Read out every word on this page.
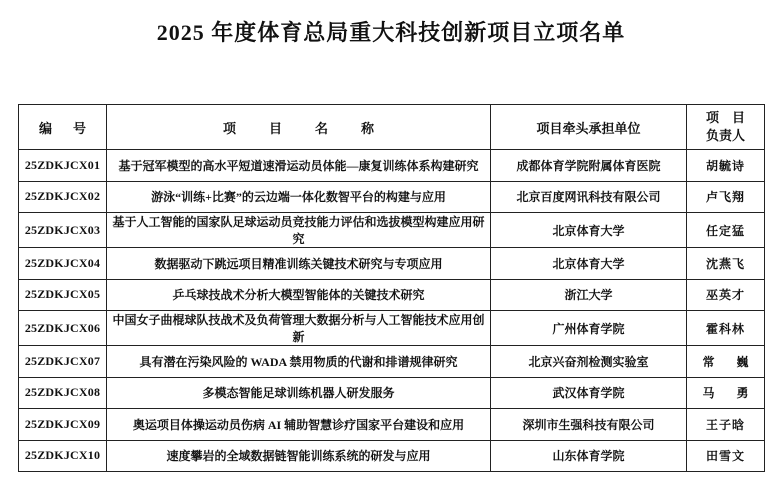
2025 年度体育总局重大科技创新项目立项名单
编　号	项　目　名　称	项目牵头承担单位	项　目
负责人

25ZDKJCX01	基于冠军模型的高水平短道速滑运动员体能—康复训练体系构建研究	成都体育学院附属体育医院	胡毓诗
25ZDKJCX02	游泳“训练+比赛”的云边端一体化数智平台的构建与应用	北京百度网讯科技有限公司	卢飞翔
25ZDKJCX03	基于人工智能的国家队足球运动员竞技能力评估和选拔模型构建应用研究	北京体育大学	任定猛
25ZDKJCX04	数据驱动下跳远项目精准训练关键技术研究与专项应用	北京体育大学	沈燕飞
25ZDKJCX05	乒乓球技战术分析大模型智能体的关键技术研究	浙江大学	巫英才
25ZDKJCX06	中国女子曲棍球队技战术及负荷管理大数据分析与人工智能技术应用创新	广州体育学院	霍科林
25ZDKJCX07	具有潜在污染风险的 WADA 禁用物质的代谢和排谱规律研究	北京兴奋剂检测实验室	常　巍
25ZDKJCX08	多模态智能足球训练机器人研发服务	武汉体育学院	马　勇
25ZDKJCX09	奥运项目体操运动员伤病 AI 辅助智慧诊疗国家平台建设和应用	深圳市生强科技有限公司	王子晗
25ZDKJCX10	速度攀岩的全域数据链智能训练系统的研发与应用	山东体育学院	田雪文
